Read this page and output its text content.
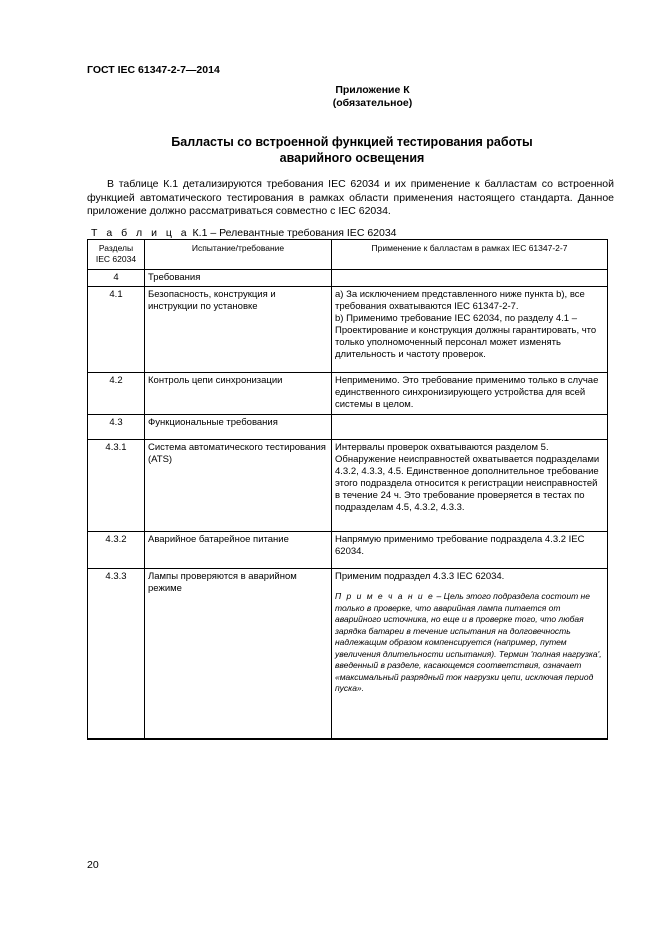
ГОСТ IEC 61347-2-7—2014
Приложение К
(обязательное)
Балласты со встроенной функцией тестирования работы
аварийного освещения

В таблице К.1 детализируются требования IEC 62034 и их применение к балластам со встроенной функцией автоматического тестирования в рамках области применения настоящего стандарта. Данное приложение должно рассматриваться совместно с IEC 62034.

Т а б л и ц а К.1 – Релевантные требования IEC 62034
Разделы
IEC 62034	Испытание/требование	Применение к балластам в рамках IEC 61347-2-7
4	Требования	
4.1	Безопасность, конструкция и инструкции по установке	a) За исключением представленного ниже пункта b), все требования охватываются IEC 61347-2-7.
b) Применимо требование IEC 62034, по разделу 4.1 – Проектирование и конструкция должны гарантировать, что только уполномоченный персонал может изменять длительность и частоту проверок.

4.2	Контроль цепи синхронизации	Неприменимо. Это требование применимо только в случае единственного синхронизирующего устройства для всей системы в целом.
4.3	Функциональные требования	
4.3.1	Система автоматического тестирования (ATS)	Интервалы проверок охватываются разделом 5. Обнаружение неисправностей охватывается подразделами 4.3.2, 4.3.3, 4.5. Единственное дополнительное требование этого подраздела относится к регистрации неисправностей в течение 24 ч. Это требование проверяется в тестах по подразделам 4.5, 4.3.2, 4.3.3.
4.3.2	Аварийное батарейное питание	Напрямую применимо требование подраздела 4.3.2 IEC 62034.
4.3.3	Лампы проверяются в аварийном режиме	Применим подраздел 4.3.3 IEC 62034.
П р и м е ч а н и е – Цель этого подраздела состоит не только в проверке, что аварийная лампа питается от аварийного источника, но еще и в проверке того, что любая зарядка батареи в течение испытания на долговечность надлежащим образом компенсируется (например, путем увеличения длительности испытания). Термин 'полная нагрузка', введенный в разделе, касающемся соответствия, означает «максимальный разрядный ток нагрузки цепи, исключая период пуска».
20
